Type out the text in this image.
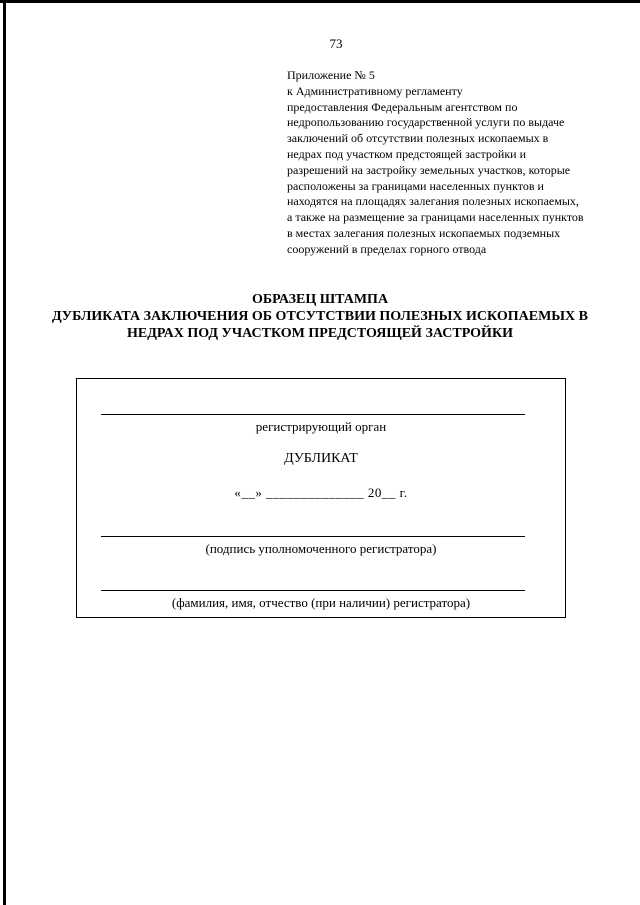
73
Приложение № 5
к Административному регламенту
предоставления Федеральным агентством по
недропользованию государственной услуги по выдаче
заключений об отсутствии полезных ископаемых в
недрах под участком предстоящей застройки и
разрешений на застройку земельных участков, которые
расположены за границами населенных пунктов и
находятся на площадях залегания полезных ископаемых,
а также на размещение за границами населенных пунктов
в местах залегания полезных ископаемых подземных
сооружений в пределах горного отвода
ОБРАЗЕЦ ШТАМПА
ДУБЛИКАТА ЗАКЛЮЧЕНИЯ ОБ ОТСУТСТВИИ ПОЛЕЗНЫХ ИСКОПАЕМЫХ В
НЕДРАХ ПОД УЧАСТКОМ ПРЕДСТОЯЩЕЙ ЗАСТРОЙКИ
регистрирующий орган
ДУБЛИКАТ
«__» ______________ 20__ г.
(подпись уполномоченного регистратора)
(фамилия, имя, отчество (при наличии) регистратора)
